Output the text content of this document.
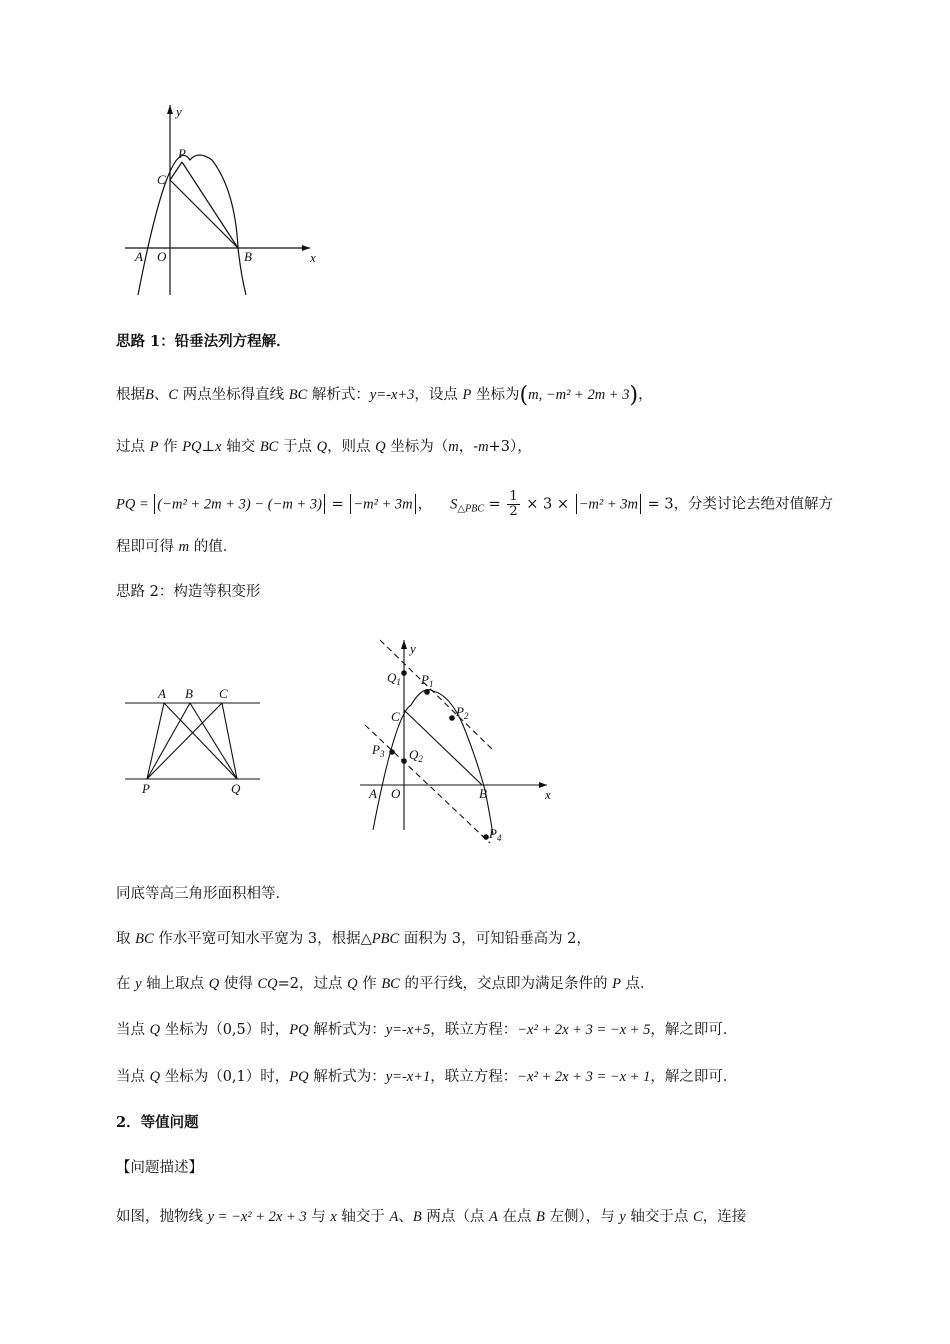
y
x
P
C
A O	B
思路 1：铅垂法列方程解．
根据B、C 两点坐标得直线 BC 解析式：y=-x+3，设点 P 坐标为(m, −m² + 2m + 3)，
过点 P 作 PQ⊥x 轴交 BC 于点 Q，则点 Q 坐标为（m，-m+3），
PQ = (−m² + 2m + 3) − (−m + 3) = −m² + 3m ， $S_{\triangle PBC} = \frac{1}{2} \times 3 \times -m^2 + 3m = 3$，分类讨论去绝对值解方
程即可得 m 的值．
思路 2：构造等积变形
A B C
P	Q
y
x
$Q_1$ $P_1$
C	$P_2$
$P_3$ $Q_2$
A O	B
$P_4$
同底等高三角形面积相等．
取 BC 作水平宽可知水平宽为 3，根据△PBC 面积为 3，可知铅垂高为 2，
在 y 轴上取点 Q 使得 CQ=2，过点 Q 作 BC 的平行线，交点即为满足条件的 P 点．
当点 Q 坐标为（0,5）时，PQ 解析式为：y=-x+5，联立方程：−x² + 2x + 3 = −x + 5，解之即可．
当点 Q 坐标为（0,1）时，PQ 解析式为：y=-x+1，联立方程：−x² + 2x + 3 = −x + 1，解之即可．
2．等值问题
【问题描述】
如图，抛物线 y = −x² + 2x + 3 与 x 轴交于 A、B 两点（点 A 在点 B 左侧），与 y 轴交于点 C，连接
